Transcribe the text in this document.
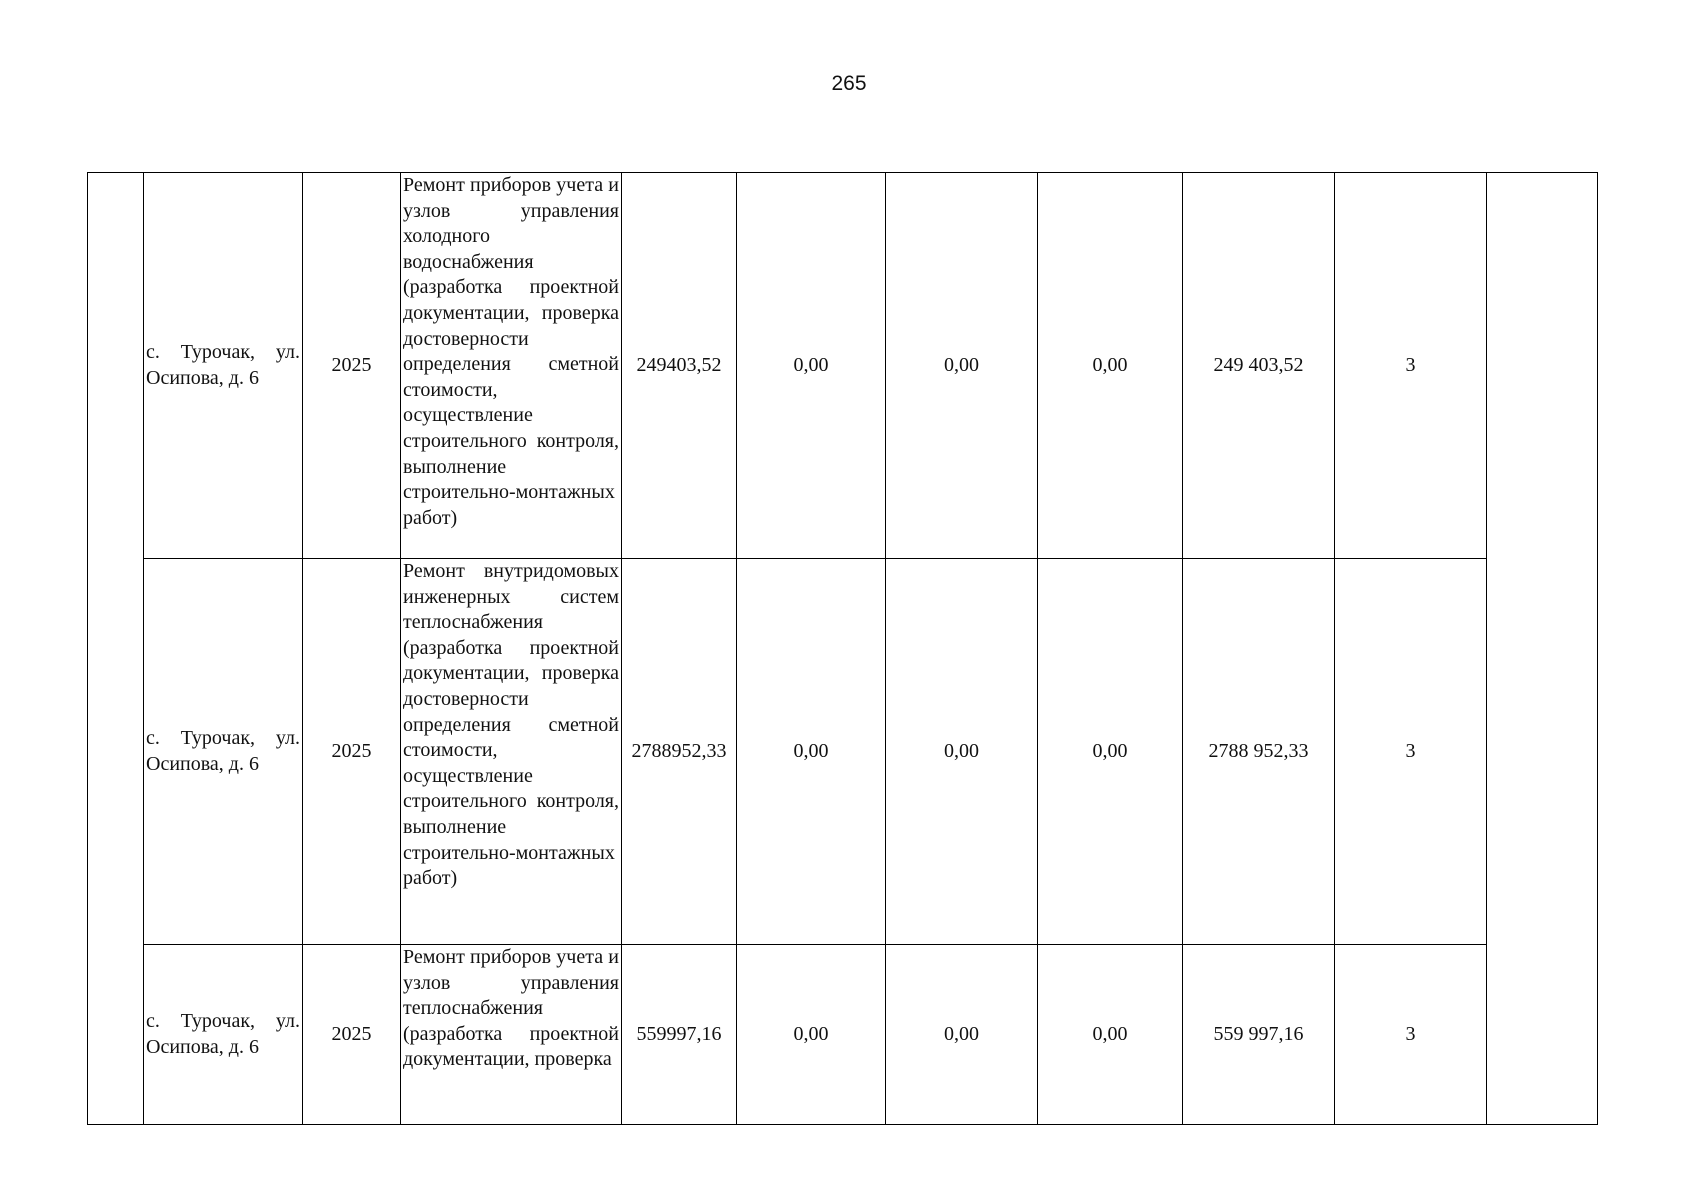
265
	с. Турочак, ул. Осипова, д. 6	2025	Ремонт приборов учета и узлов управления холодного водоснабжения (разработка проектной документации, проверка достоверности определения сметной стоимости, осуществление строительного контроля, выполнение строительно-монтажных работ)	249403,52	0,00	0,00	0,00	249 403,52	3	
	с. Турочак, ул. Осипова, д. 6	2025	Ремонт внутридомовых инженерных систем теплоснабжения (разработка проектной документации, проверка достоверности определения сметной стоимости, осуществление строительного контроля, выполнение строительно-монтажных работ)	2788952,33	0,00	0,00	0,00	2788 952,33	3	
	с. Турочак, ул. Осипова, д. 6	2025	Ремонт приборов учета и узлов управления теплоснабжения (разработка проектной документации, проверка	559997,16	0,00	0,00	0,00	559 997,16	3	
